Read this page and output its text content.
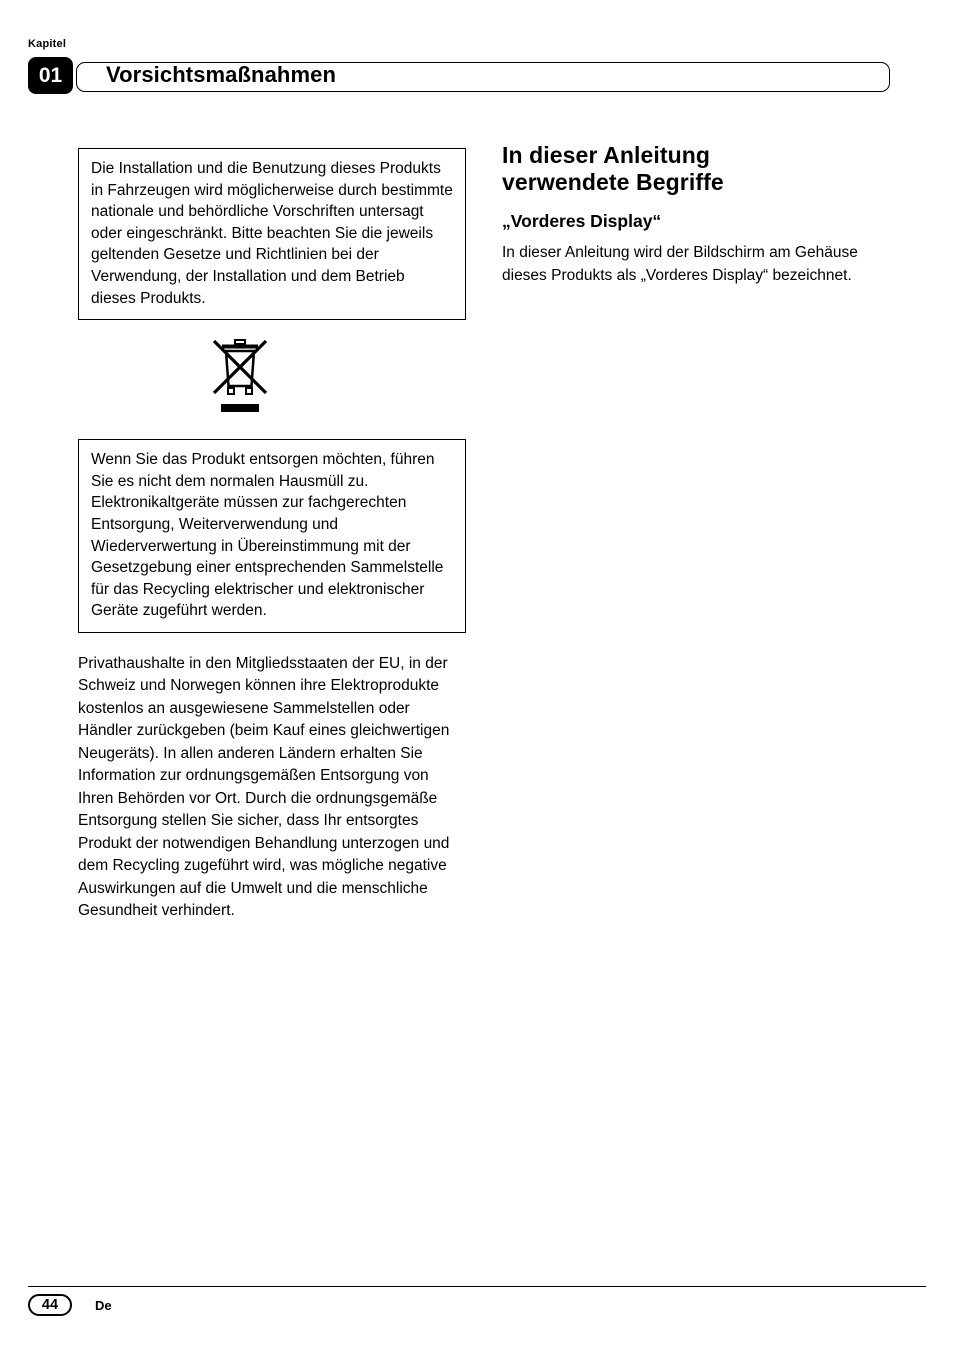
Kapitel
01	Vorsichtsmaßnahmen

Die Installation und die Benutzung dieses Produkts in Fahrzeugen wird möglicherweise durch bestimmte nationale und behördliche Vorschriften untersagt oder eingeschränkt. Bitte beachten Sie die jeweils geltenden Gesetze und Richtlinien bei der Verwendung, der Installation und dem Betrieb dieses Produkts.

Wenn Sie das Produkt entsorgen möchten, führen Sie es nicht dem normalen Hausmüll zu. Elektronikaltgeräte müssen zur fachgerechten Entsorgung, Weiterverwendung und Wiederverwertung in Übereinstimmung mit der Gesetzgebung einer entsprechenden Sammelstelle für das Recycling elektrischer und elektronischer Geräte zugeführt werden.

Privathaushalte in den Mitgliedsstaaten der EU, in der Schweiz und Norwegen können ihre Elektroprodukte kostenlos an ausgewiesene Sammelstellen oder Händler zurückgeben (beim Kauf eines gleichwertigen Neugeräts). In allen anderen Ländern erhalten Sie Information zur ordnungsgemäßen Entsorgung von Ihren Behörden vor Ort. Durch die ordnungsgemäße Entsorgung stellen Sie sicher, dass Ihr entsorgtes Produkt der notwendigen Behandlung unterzogen und dem Recycling zugeführt wird, was mögliche negative Auswirkungen auf die Umwelt und die menschliche Gesundheit verhindert.

In dieser Anleitung verwendete Begriffe
„Vorderes Display“

In dieser Anleitung wird der Bildschirm am Gehäuse dieses Produkts als „Vorderes Display“ bezeichnet.

44	De
